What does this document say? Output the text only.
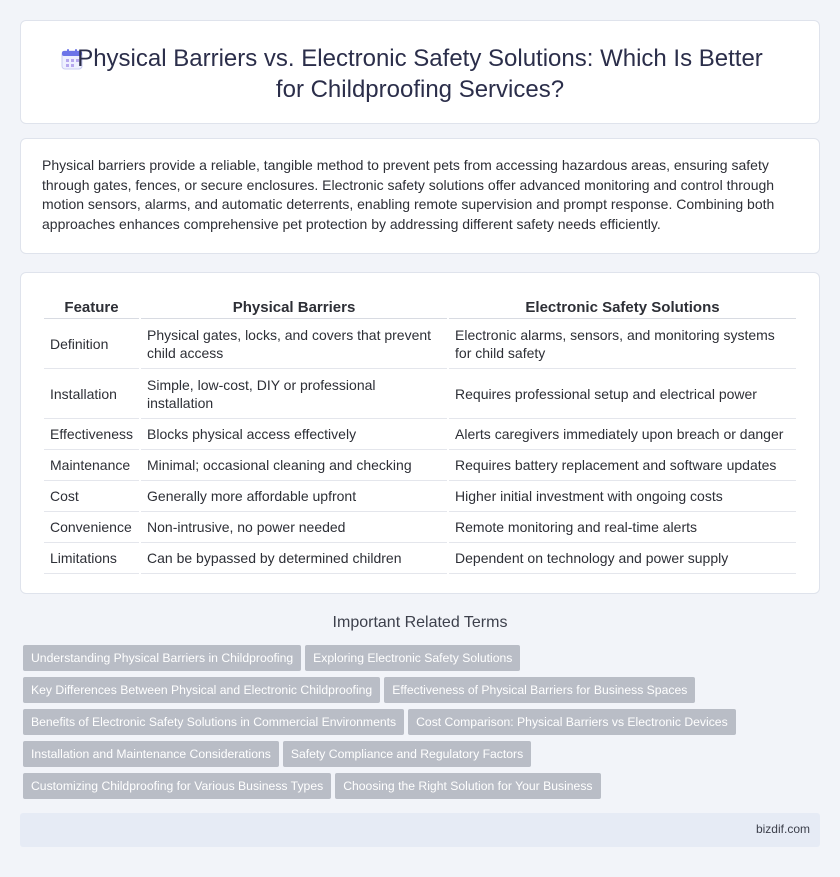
Physical Barriers vs. Electronic Safety Solutions: Which Is Better for Childproofing Services?

Physical barriers provide a reliable, tangible method to prevent pets from accessing hazardous areas, ensuring safety through gates, fences, or secure enclosures. Electronic safety solutions offer advanced monitoring and control through motion sensors, alarms, and automatic deterrents, enabling remote supervision and prompt response. Combining both approaches enhances comprehensive pet protection by addressing different safety needs efficiently.

Feature	Physical Barriers	Electronic Safety Solutions
Definition	Physical gates, locks, and covers that prevent child access	Electronic alarms, sensors, and monitoring systems for child safety
Installation	Simple, low-cost, DIY or professional installation	Requires professional setup and electrical power
Effectiveness	Blocks physical access effectively	Alerts caregivers immediately upon breach or danger
Maintenance	Minimal; occasional cleaning and checking	Requires battery replacement and software updates
Cost	Generally more affordable upfront	Higher initial investment with ongoing costs
Convenience	Non-intrusive, no power needed	Remote monitoring and real-time alerts
Limitations	Can be bypassed by determined children	Dependent on technology and power supply
Important Related Terms
Understanding Physical Barriers in Childproofing Exploring Electronic Safety Solutions
Key Differences Between Physical and Electronic Childproofing Effectiveness of Physical Barriers for Business Spaces
Benefits of Electronic Safety Solutions in Commercial Environments Cost Comparison: Physical Barriers vs Electronic Devices
Installation and Maintenance Considerations Safety Compliance and Regulatory Factors
Customizing Childproofing for Various Business Types Choosing the Right Solution for Your Business
bizdif.com
